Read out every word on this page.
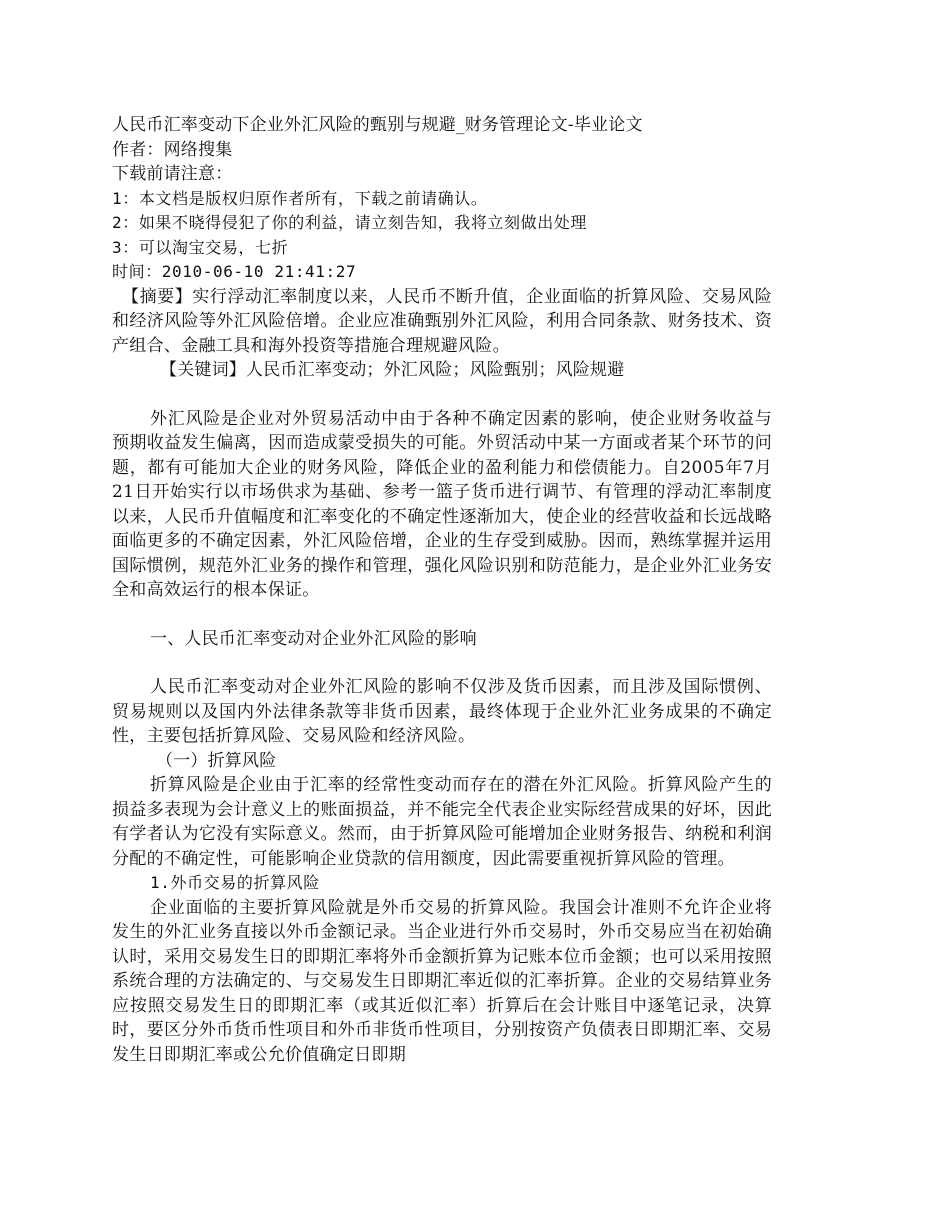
人民币汇率变动下企业外汇风险的甄别与规避_财务管理论文-毕业论文
作者：网络搜集
下载前请注意：
1：本文档是版权归原作者所有，下载之前请确认。
2：如果不晓得侵犯了你的利益，请立刻告知，我将立刻做出处理
3：可以淘宝交易，七折
时间：2010-06-10 21:41:27
【摘要】实行浮动汇率制度以来，人民币不断升值，企业面临的折算风险、交易风险和经济风险等外汇风险倍增。企业应准确甄别外汇风险，利用合同条款、财务技术、资产组合、金融工具和海外投资等措施合理规避风险。
【关键词】人民币汇率变动；外汇风险；风险甄别；风险规避
外汇风险是企业对外贸易活动中由于各种不确定因素的影响，使企业财务收益与预期收益发生偏离，因而造成蒙受损失的可能。外贸活动中某一方面或者某个环节的问题，都有可能加大企业的财务风险，降低企业的盈利能力和偿债能力。自2005年7月21日开始实行以市场供求为基础、参考一篮子货币进行调节、有管理的浮动汇率制度以来，人民币升值幅度和汇率变化的不确定性逐渐加大，使企业的经营收益和长远战略面临更多的不确定因素，外汇风险倍增，企业的生存受到威胁。因而，熟练掌握并运用国际惯例，规范外汇业务的操作和管理，强化风险识别和防范能力，是企业外汇业务安全和高效运行的根本保证。
一、人民币汇率变动对企业外汇风险的影响
人民币汇率变动对企业外汇风险的影响不仅涉及货币因素，而且涉及国际惯例、贸易规则以及国内外法律条款等非货币因素，最终体现于企业外汇业务成果的不确定性，主要包括折算风险、交易风险和经济风险。
（一）折算风险
折算风险是企业由于汇率的经常性变动而存在的潜在外汇风险。折算风险产生的损益多表现为会计意义上的账面损益，并不能完全代表企业实际经营成果的好坏，因此有学者认为它没有实际意义。然而，由于折算风险可能增加企业财务报告、纳税和利润分配的不确定性，可能影响企业贷款的信用额度，因此需要重视折算风险的管理。
1.外币交易的折算风险
企业面临的主要折算风险就是外币交易的折算风险。我国会计准则不允许企业将发生的外汇业务直接以外币金额记录。当企业进行外币交易时，外币交易应当在初始确认时，采用交易发生日的即期汇率将外币金额折算为记账本位币金额；也可以采用按照系统合理的方法确定的、与交易发生日即期汇率近似的汇率折算。企业的交易结算业务应按照交易发生日的即期汇率（或其近似汇率）折算后在会计账目中逐笔记录，决算时，要区分外币货币性项目和外币非货币性项目，分别按资产负债表日即期汇率、交易发生日即期汇率或公允价值确定日即期
